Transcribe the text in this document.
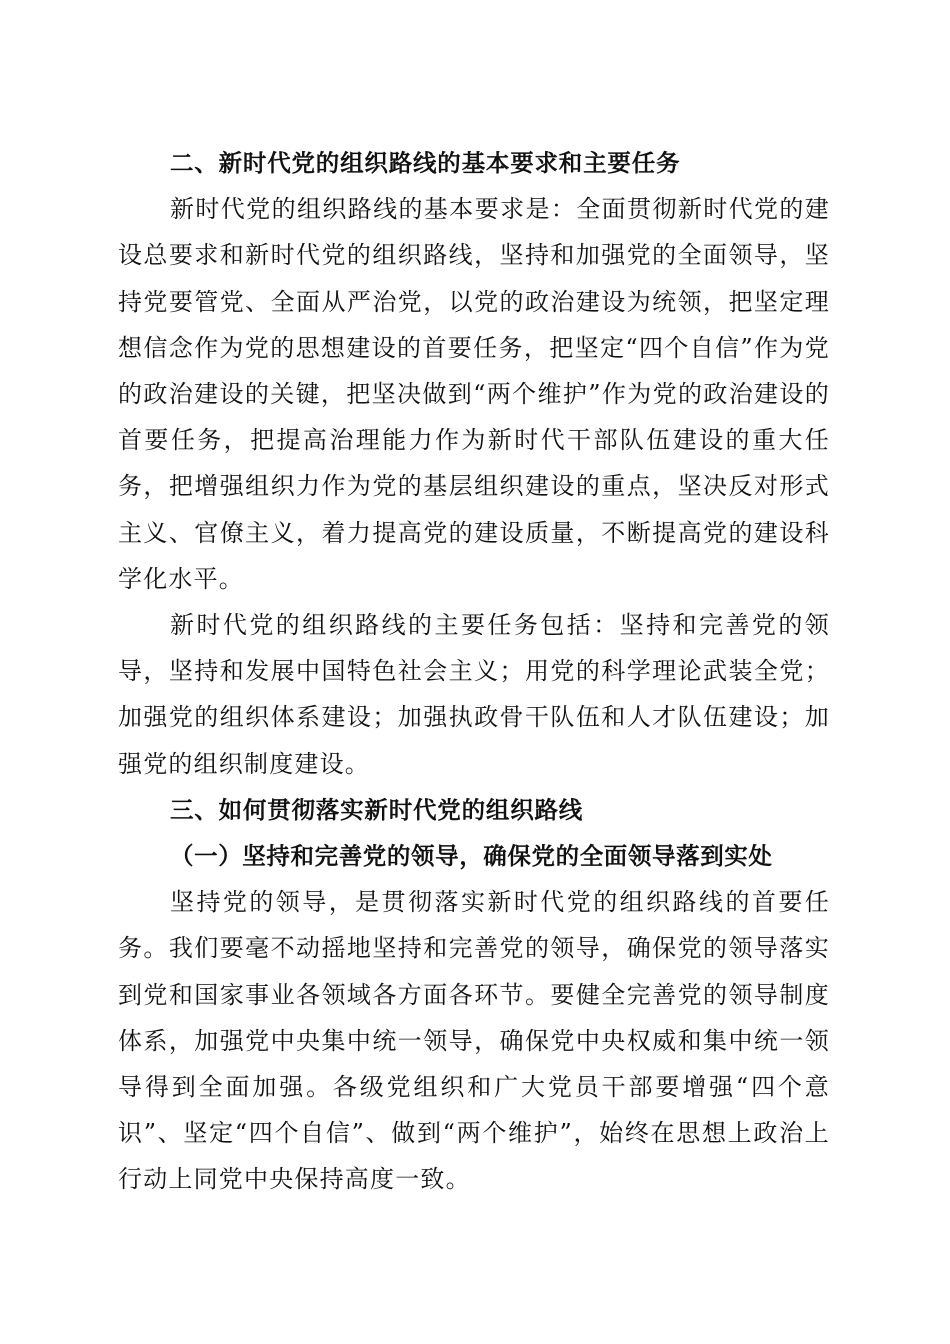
二、新时代党的组织路线的基本要求和主要任务

新时代党的组织路线的基本要求是：全面贯彻新时代党的建设总要求和新时代党的组织路线，坚持和加强党的全面领导，坚持党要管党、全面从严治党，以党的政治建设为统领，把坚定理想信念作为党的思想建设的首要任务，把坚定“四个自信”作为党的政治建设的关键，把坚决做到“两个维护”作为党的政治建设的首要任务，把提高治理能力作为新时代干部队伍建设的重大任务，把增强组织力作为党的基层组织建设的重点，坚决反对形式主义、官僚主义，着力提高党的建设质量，不断提高党的建设科学化水平。

新时代党的组织路线的主要任务包括：坚持和完善党的领导，坚持和发展中国特色社会主义；用党的科学理论武装全党；加强党的组织体系建设；加强执政骨干队伍和人才队伍建设；加强党的组织制度建设。

三、如何贯彻落实新时代党的组织路线

（一）坚持和完善党的领导，确保党的全面领导落到实处

坚持党的领导，是贯彻落实新时代党的组织路线的首要任务。我们要毫不动摇地坚持和完善党的领导，确保党的领导落实到党和国家事业各领域各方面各环节。要健全完善党的领导制度体系，加强党中央集中统一领导，确保党中央权威和集中统一领导得到全面加强。各级党组织和广大党员干部要增强“四个意识”、坚定“四个自信”、做到“两个维护”，始终在思想上政治上行动上同党中央保持高度一致。
